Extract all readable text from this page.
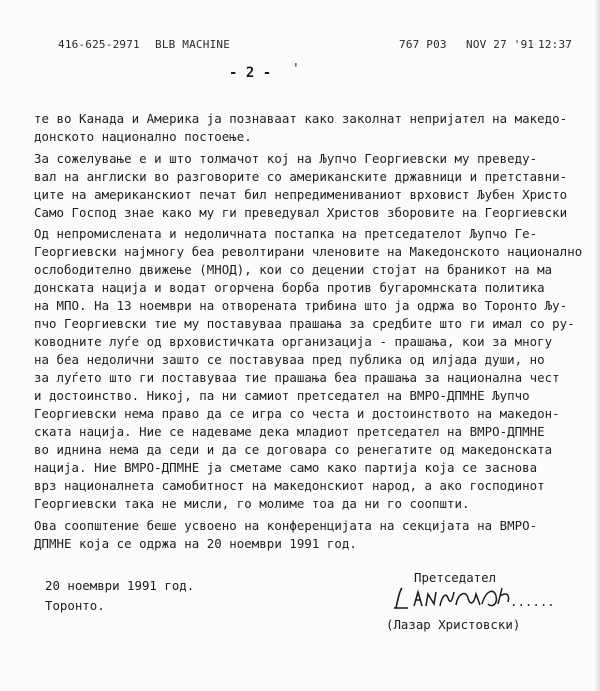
416-625-2971 BLB MACHINE	767 P03 NOV 27 '91 12:37
- 2 - '
те во Канада и Америка ја познаваат како заколнат непријател на македо-
донското национално постоење.
За сожелување е и што толмачот кој на Љупчо Георгиевски му преведу-
вал на англиски во разговорите со американските државници и претставни-
ците на американскиот печат бил непредимениваниот врховист Љубен Христо
Само Господ знае како му ги преведувал Христов зборовите на Георгиевски
Од непромислената и недоличната постапка на претседателот Љупчо Ге-
Георгиевски најмногу беа револтирани членовите на Македонското национално
ослободително движење (МНОД), кои со децении стојат на браникот на ма
донската нација и водат огорчена борба против бугаромнската политика
на МПО. На 13 ноември на отворената трибина што ја одржа во Торонто Љу-
пчо Георгиевски тие му поставуваа прашања за средбите што ги имал со ру-
ководните луѓе од врховистичката организација - прашања, кои за многу
на беа недолични зашто се поставуваа пред публика од илјада души, но
за луѓето што ги поставуваа тие прашања беа прашања за национална чест
и достоинство. Никој, па ни самиот претседател на ВМРО-ДПМНЕ Љупчо
Георгиевски нема право да се игра со честа и достоинството на македон-
ската нација. Ние се надеваме дека младиот претседател на ВМРО-ДПМНЕ
во иднина нема да седи и да се договара со ренегатите од македонската
нација. Ние ВМРО-ДПМНЕ ја сметаме само како партија која се заснова
врз националнета самобитност на македонскиот народ, а ако господинот
Георгиевски така не мисли, го молиме тоа да ни го соопшти.
Ова соопштение беше усвоено на конференцијата на секцијата на ВМРО-
ДПМНЕ која се одржа на 20 ноември 1991 год.
Претседател
20 ноември 1991 год.
Торонто.	......
(Лазар Христовски)
